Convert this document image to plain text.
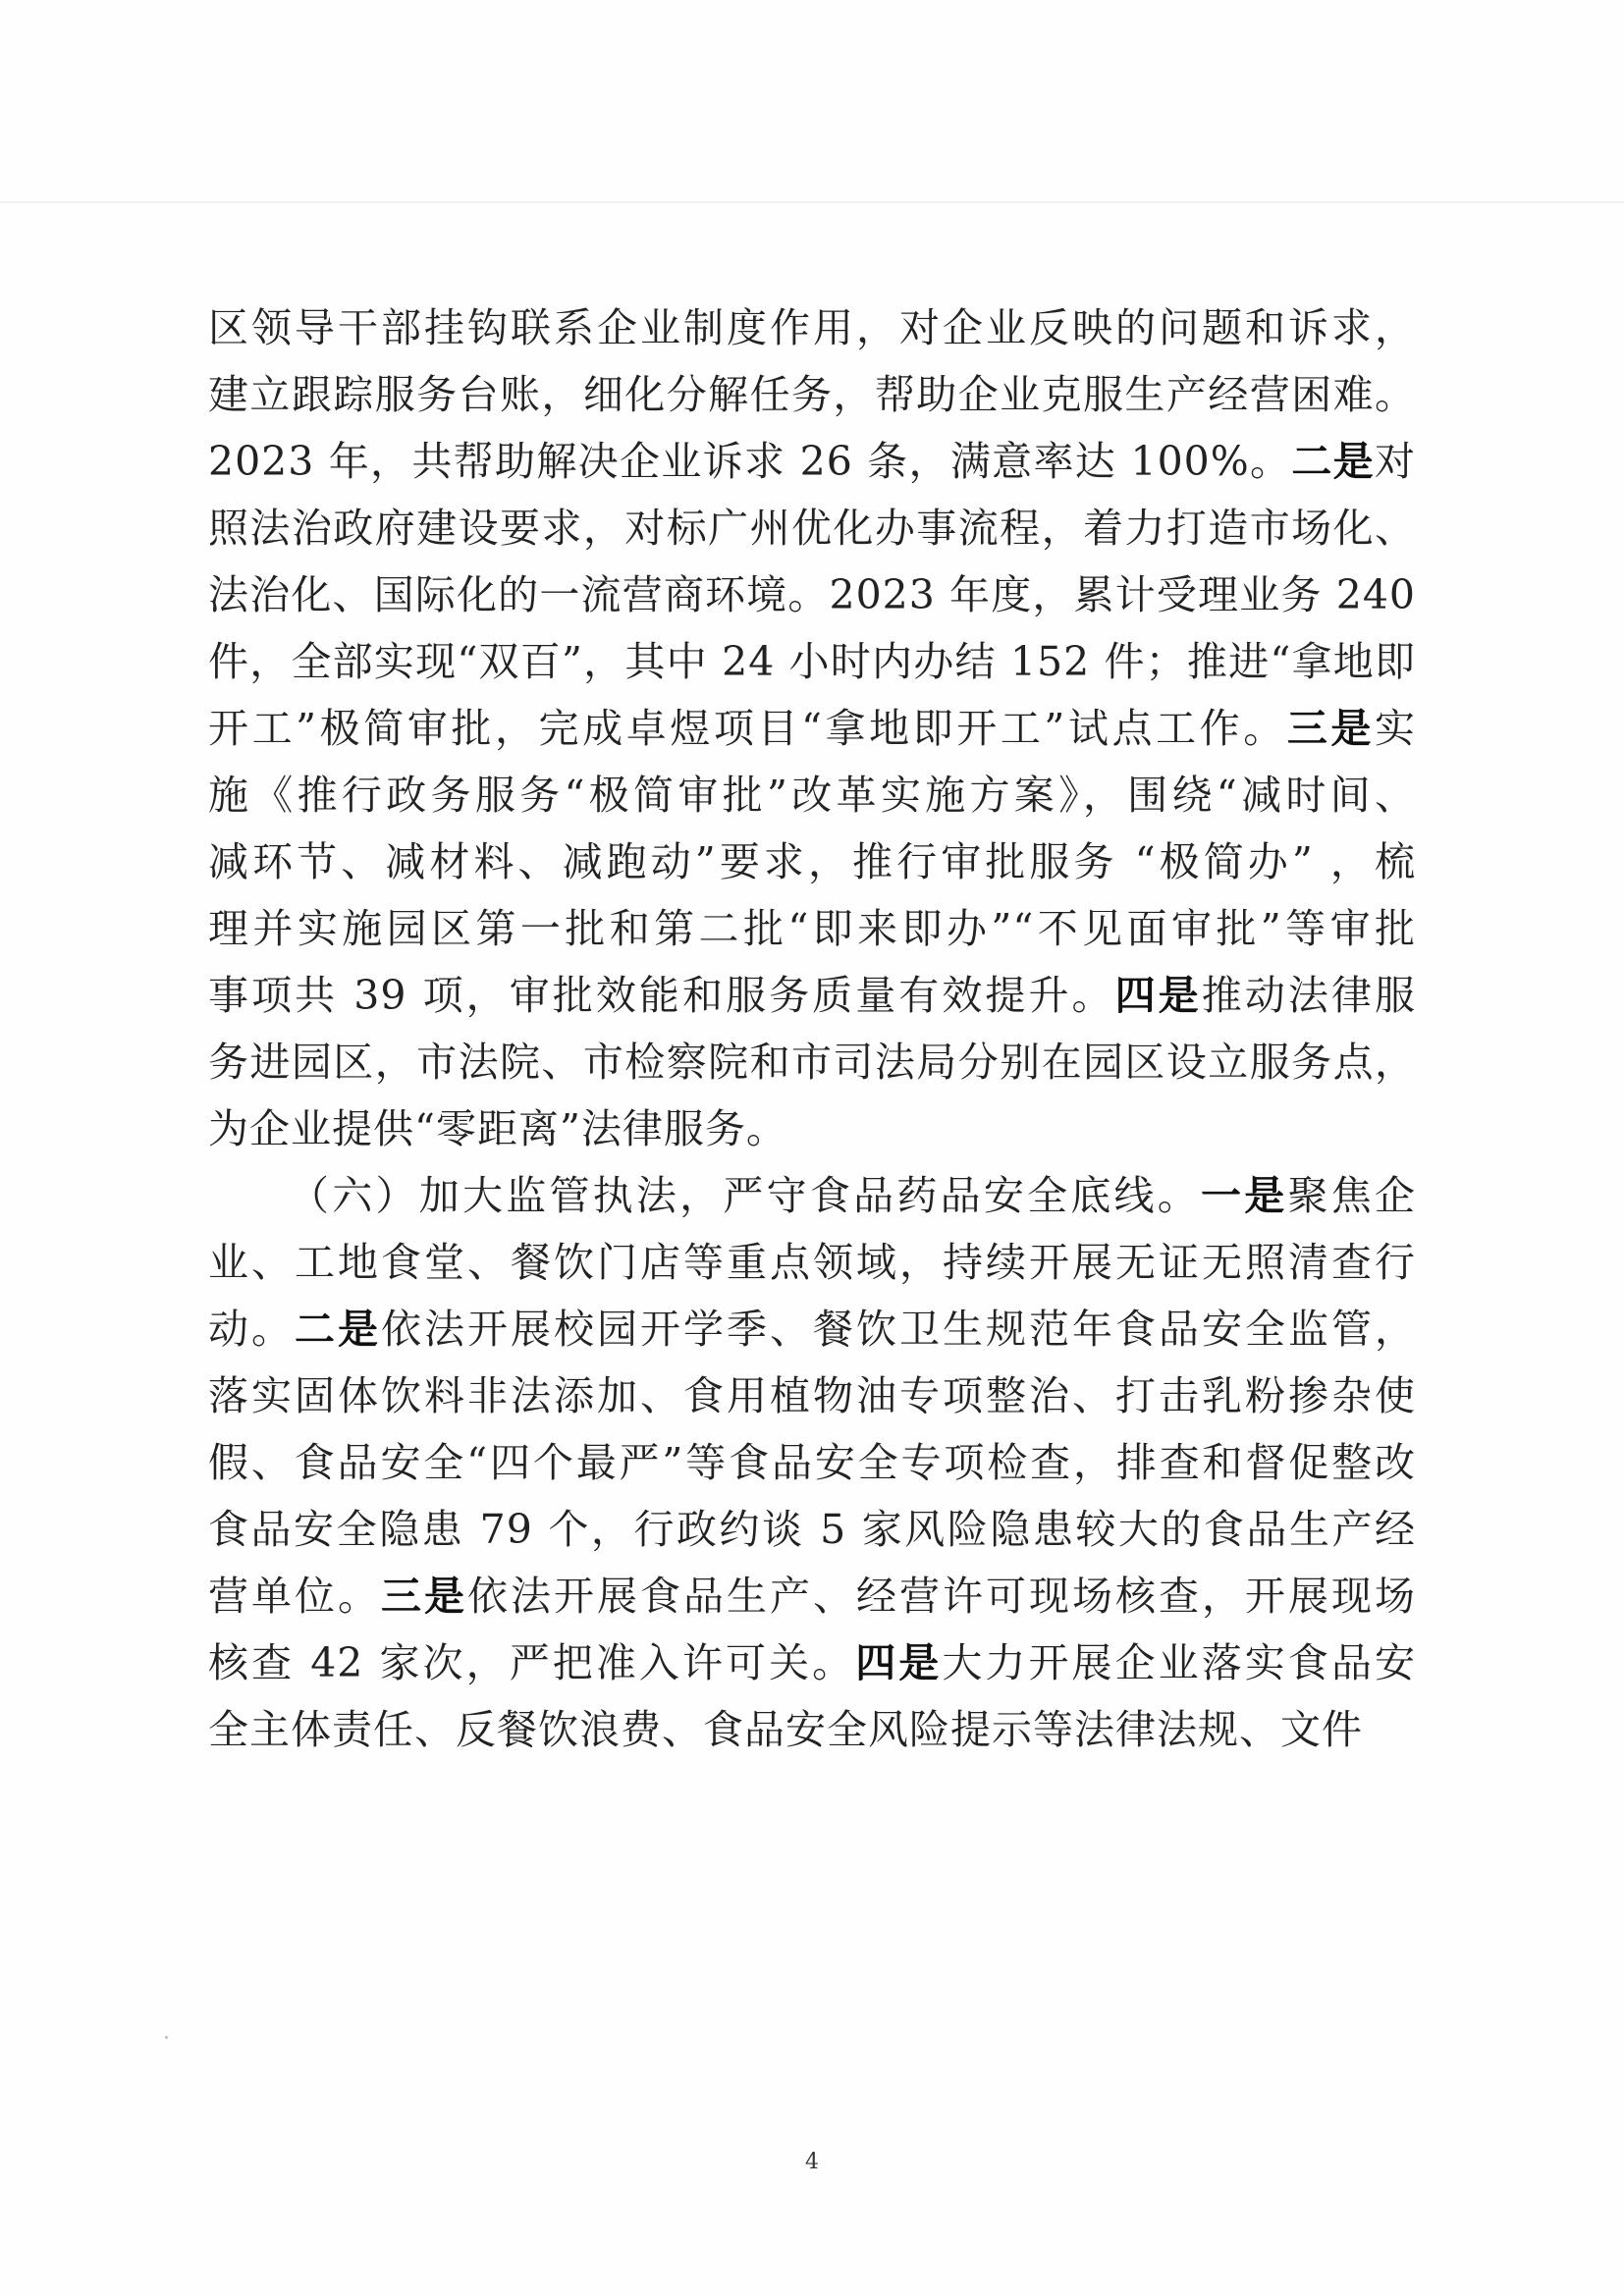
区领导干部挂钩联系企业制度作用，对企业反映的问题和诉求，
建立跟踪服务台账，细化分解任务，帮助企业克服生产经营困难。
2023 年，共帮助解决企业诉求 26 条，满意率达 100%。二是对
照法治政府建设要求，对标广州优化办事流程，着力打造市场化、
法治化、国际化的一流营商环境。2023 年度，累计受理业务 240
件，全部实现“双百”，其中 24 小时内办结 152 件；推进“拿地即
开工”极简审批，完成卓煜项目“拿地即开工”试点工作。三是实
施《推行政务服务“极简审批”改革实施方案》，围绕“减时间、
减环节、减材料、减跑动”要求，推行审批服务 “极简办” ，梳
理并实施园区第一批和第二批“即来即办”“不见面审批”等审批
事项共 39 项，审批效能和服务质量有效提升。四是推动法律服
务进园区，市法院、市检察院和市司法局分别在园区设立服务点，
为企业提供“零距离”法律服务。
（六）加大监管执法，严守食品药品安全底线。一是聚焦企
业、工地食堂、餐饮门店等重点领域，持续开展无证无照清查行
动。二是依法开展校园开学季、餐饮卫生规范年食品安全监管，
落实固体饮料非法添加、食用植物油专项整治、打击乳粉掺杂使
假、食品安全“四个最严”等食品安全专项检查，排查和督促整改
食品安全隐患 79 个，行政约谈 5 家风险隐患较大的食品生产经
营单位。三是依法开展食品生产、经营许可现场核查，开展现场
核查 42 家次，严把准入许可关。四是大力开展企业落实食品安
全主体责任、反餐饮浪费、食品安全风险提示等法律法规、文件
4
